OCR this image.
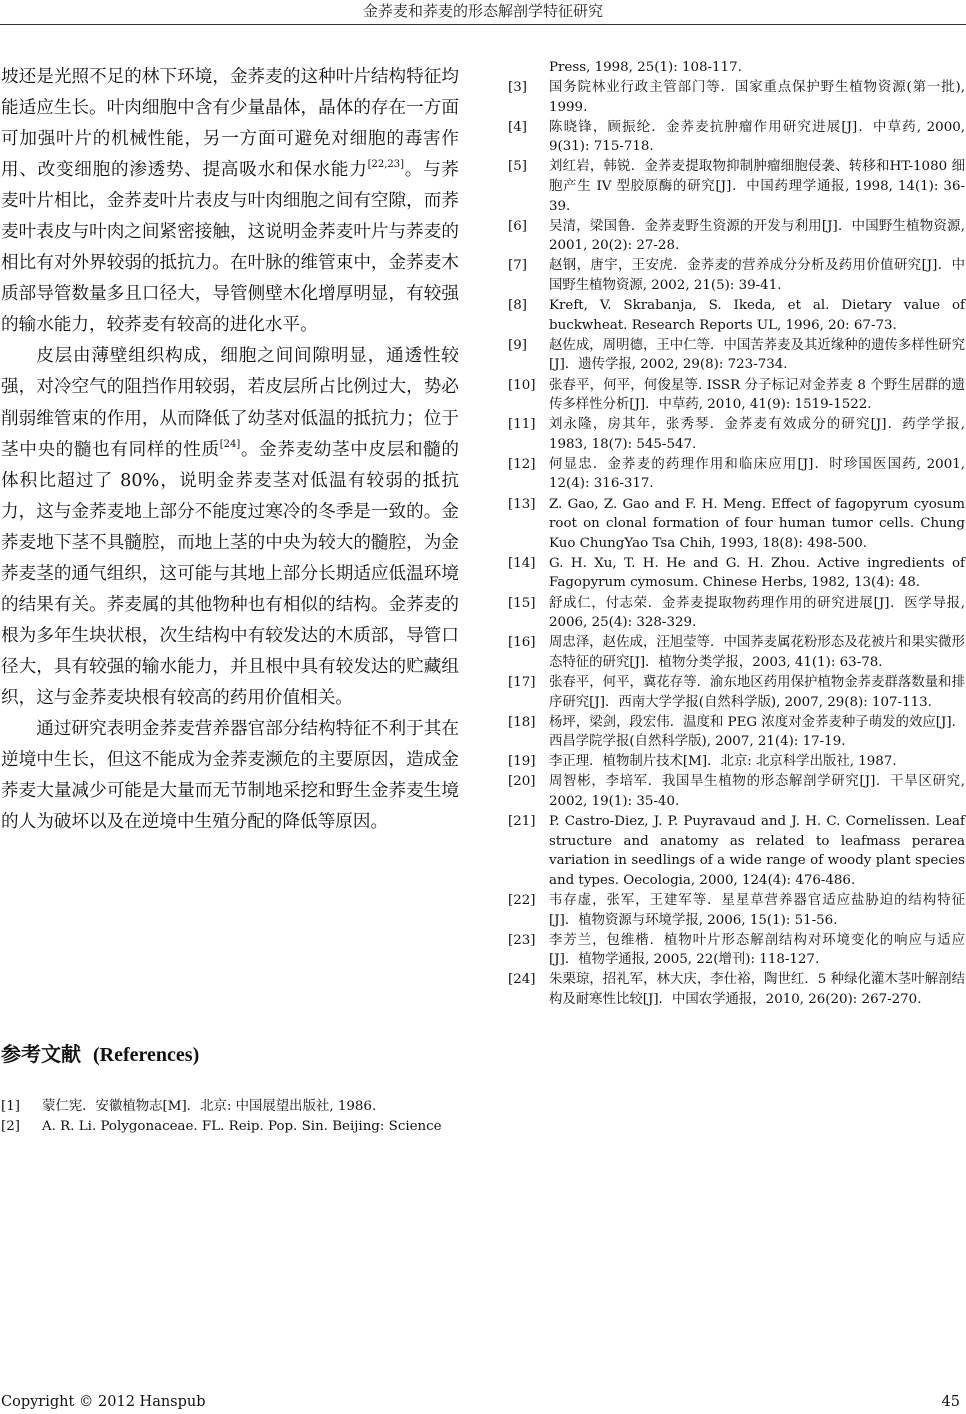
金荞麦和荞麦的形态解剖学特征研究

坡还是光照不足的林下环境，金荞麦的这种叶片结构特征均能适应生长。叶肉细胞中含有少量晶体，晶体的存在一方面可加强叶片的机械性能，另一方面可避免对细胞的毒害作用、改变细胞的渗透势、提高吸水和保水能力[22,23]。与荞麦叶片相比，金荞麦叶片表皮与叶肉细胞之间有空隙，而荞麦叶表皮与叶肉之间紧密接触，这说明金荞麦叶片与荞麦的相比有对外界较弱的抵抗力。在叶脉的维管束中，金荞麦木质部导管数量多且口径大，导管侧壁木化增厚明显，有较强的输水能力，较荞麦有较高的进化水平。

皮层由薄壁组织构成，细胞之间间隙明显，通透性较强，对冷空气的阻挡作用较弱，若皮层所占比例过大，势必削弱维管束的作用，从而降低了幼茎对低温的抵抗力；位于茎中央的髓也有同样的性质[24]。金荞麦幼茎中皮层和髓的体积比超过了 80%，说明金荞麦茎对低温有较弱的抵抗力，这与金荞麦地上部分不能度过寒冷的冬季是一致的。金荞麦地下茎不具髓腔，而地上茎的中央为较大的髓腔，为金荞麦茎的通气组织，这可能与其地上部分长期适应低温环境的结果有关。荞麦属的其他物种也有相似的结构。金荞麦的根为多年生块状根，次生结构中有较发达的木质部，导管口径大，具有较强的输水能力，并且根中具有较发达的贮藏组织，这与金荞麦块根有较高的药用价值相关。

通过研究表明金荞麦营养器官部分结构特征不利于其在逆境中生长，但这不能成为金荞麦濒危的主要原因，造成金荞麦大量减少可能是大量而无节制地采挖和野生金荞麦生境的人为破坏以及在逆境中生殖分配的降低等原因。

参考文献 (References)

[1] 蒙仁宪．安徽植物志[M]．北京: 中国展望出版社, 1986.

[2] A. R. Li. Polygonaceae. FL. Reip. Pop. Sin. Beijing: Science

Press, 1998, 25(1): 108-117.

[3] 国务院林业行政主管部门等．国家重点保护野生植物资源(第一批), 1999.

[4] 陈晓锋，顾振纶．金荞麦抗肿瘤作用研究进展[J]．中草药, 2000, 9(31): 715-718.

[5] 刘红岩，韩锐．金荞麦提取物抑制肿瘤细胞侵袭、转移和HT-1080 细胞产生 IV 型胶原酶的研究[J]．中国药理学通报, 1998, 14(1): 36-39.

[6] 吴清，梁国鲁．金荞麦野生资源的开发与利用[J]．中国野生植物资源, 2001, 20(2): 27-28.

[7] 赵钢，唐宇，王安虎．金荞麦的营养成分分析及药用价值研究[J]．中国野生植物资源, 2002, 21(5): 39-41.

[8] Kreft, V. Skrabanja, S. Ikeda, et al. Dietary value of buckwheat. Research Reports UL, 1996, 20: 67-73.

[9] 赵佐成，周明德，王中仁等．中国苦荞麦及其近缘种的遗传多样性研究[J]．遗传学报, 2002, 29(8): 723-734.

[10] 张春平，何平，何俊星等. ISSR 分子标记对金荞麦 8 个野生居群的遗传多样性分析[J]．中草药, 2010, 41(9): 1519-1522.

[11] 刘永隆，房其年，张秀琴．金荞麦有效成分的研究[J]．药学学报, 1983, 18(7): 545-547.

[12] 何显忠．金荞麦的药理作用和临床应用[J]．时珍国医国药, 2001, 12(4): 316-317.

[13] Z. Gao, Z. Gao and F. H. Meng. Effect of fagopyrum cyosum root on clonal formation of four human tumor cells. Chung Kuo ChungYao Tsa Chih, 1993, 18(8): 498-500.

[14] G. H. Xu, T. H. He and G. H. Zhou. Active ingredients of Fagopyrum cymosum. Chinese Herbs, 1982, 13(4): 48.

[15] 舒成仁，付志荣．金荞麦提取物药理作用的研究进展[J]．医学导报, 2006, 25(4): 328-329.

[16] 周忠泽，赵佐成，汪旭莹等．中国荞麦属花粉形态及花被片和果实微形态特征的研究[J]．植物分类学报，2003, 41(1): 63-78.

[17] 张春平，何平，冀花存等．渝东地区药用保护植物金荞麦群落数量和排序研究[J]．西南大学学报(自然科学版), 2007, 29(8): 107-113.

[18] 杨坪，梁剑，段宏伟．温度和 PEG 浓度对金荞麦种子萌发的效应[J]．西昌学院学报(自然科学版), 2007, 21(4): 17-19.

[19] 李正理．植物制片技术[M]．北京: 北京科学出版社, 1987.

[20] 周智彬，李培军．我国旱生植物的形态解剖学研究[J]．干旱区研究, 2002, 19(1): 35-40.

[21] P. Castro-Diez, J. P. Puyravaud and J. H. C. Cornelissen. Leaf structure and anatomy as related to leafmass perarea variation in seedlings of a wide range of woody plant species and types. Oecologia, 2000, 124(4): 476-486.

[22] 韦存虚，张军，王建军等．星星草营养器官适应盐胁迫的结构特征[J]．植物资源与环境学报, 2006, 15(1): 51-56.

[23] 李芳兰，包维楷．植物叶片形态解剖结构对环境变化的响应与适应[J]．植物学通报, 2005, 22(增刊): 118-127.

[24] 朱栗琼，招礼军，林大庆，李仕裕，陶世红．5 种绿化灌木茎叶解剖结构及耐寒性比较[J]．中国农学通报，2010, 26(20): 267-270.

Copyright © 2012 Hanspub	45
